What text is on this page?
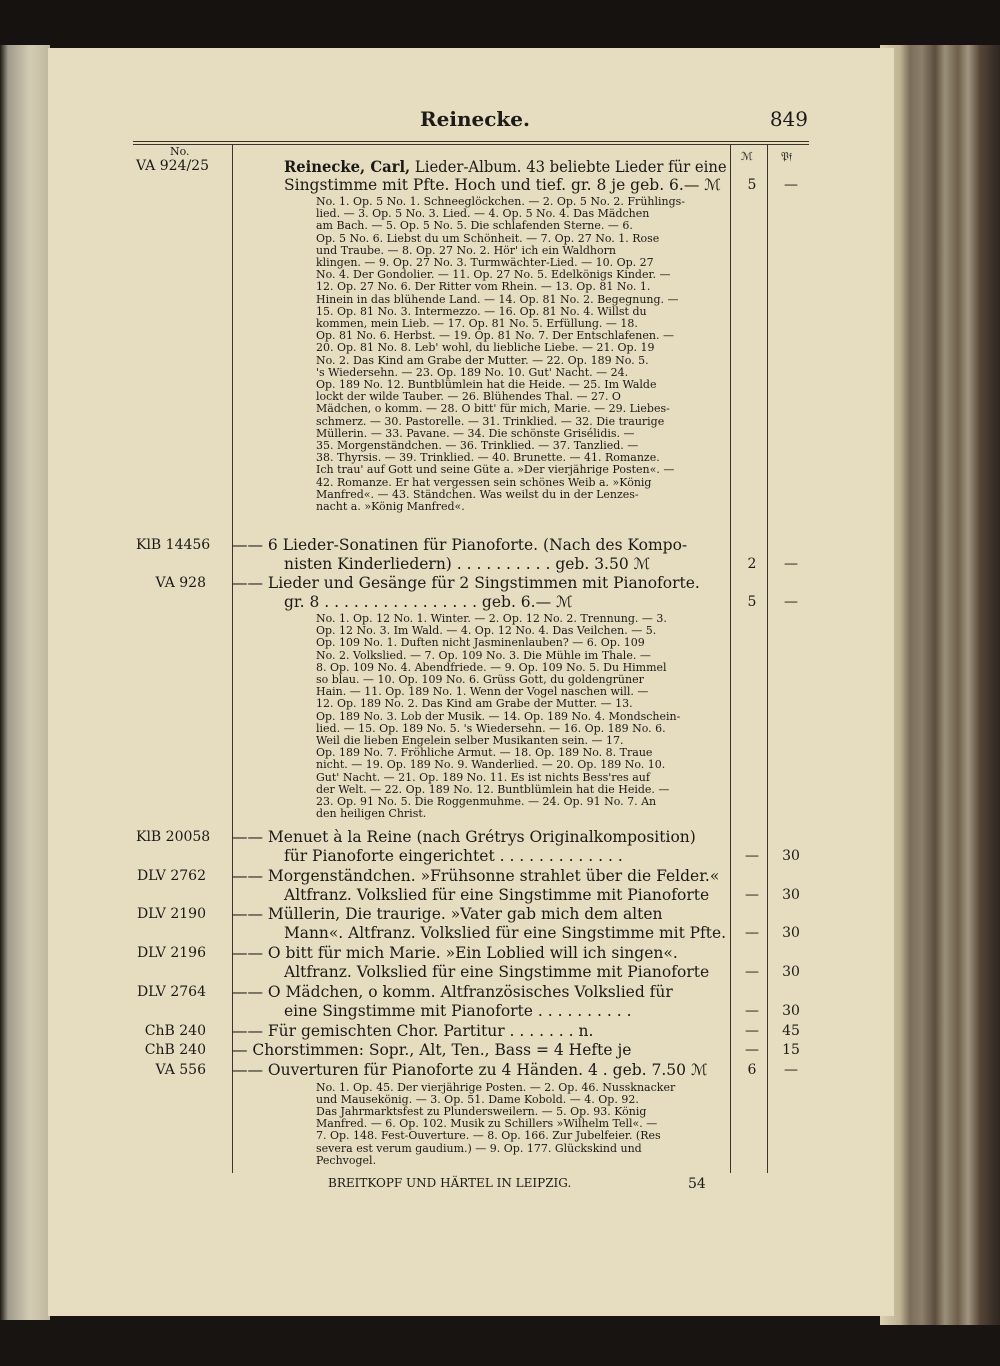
Reinecke.	849
No.	ℳ	𝔓𝔣
VA 924/25	Reinecke, Carl, Lieder-Album. 43 beliebte Lieder für eine
Singstimme mit Pfte. Hoch und tief. gr. 8 je geb. 6.— ℳ	5	—
No. 1. Op. 5 No. 1. Schneeglöckchen. — 2. Op. 5 No. 2. Frühlings-
lied. — 3. Op. 5 No. 3. Lied. — 4. Op. 5 No. 4. Das Mädchen
am Bach. — 5. Op. 5 No. 5. Die schlafenden Sterne. — 6.
Op. 5 No. 6. Liebst du um Schönheit. — 7. Op. 27 No. 1. Rose
und Traube. — 8. Op. 27 No. 2. Hör' ich ein Waldhorn
klingen. — 9. Op. 27 No. 3. Turmwächter-Lied. — 10. Op. 27
No. 4. Der Gondolier. — 11. Op. 27 No. 5. Edelkönigs Kinder. —
12. Op. 27 No. 6. Der Ritter vom Rhein. — 13. Op. 81 No. 1.
Hinein in das blühende Land. — 14. Op. 81 No. 2. Begegnung. —
15. Op. 81 No. 3. Intermezzo. — 16. Op. 81 No. 4. Willst du
kommen, mein Lieb. — 17. Op. 81 No. 5. Erfüllung. — 18.
Op. 81 No. 6. Herbst. — 19. Op. 81 No. 7. Der Entschlafenen. —
20. Op. 81 No. 8. Leb' wohl, du liebliche Liebe. — 21. Op. 19
No. 2. Das Kind am Grabe der Mutter. — 22. Op. 189 No. 5.
's Wiedersehn. — 23. Op. 189 No. 10. Gut' Nacht. — 24.
Op. 189 No. 12. Buntblümlein hat die Heide. — 25. Im Walde
lockt der wilde Tauber. — 26. Blühendes Thal. — 27. O
Mädchen, o komm. — 28. O bitt' für mich, Marie. — 29. Liebes-
schmerz. — 30. Pastorelle. — 31. Trinklied. — 32. Die traurige
Müllerin. — 33. Pavane. — 34. Die schönste Grisélidis. —
35. Morgenständchen. — 36. Trinklied. — 37. Tanzlied. —
38. Thyrsis. — 39. Trinklied. — 40. Brunette. — 41. Romanze.
Ich trau' auf Gott und seine Güte a. »Der vierjährige Posten«. —
42. Romanze. Er hat vergessen sein schönes Weib a. »König
Manfred«. — 43. Ständchen. Was weilst du in der Lenzes-
nacht a. »König Manfred«.
KlB 14456 —— 6 Lieder-Sonatinen für Pianoforte. (Nach des Kompo-
nisten Kinderliedern) . . . . . . . . . . geb. 3.50 ℳ	2	—
VA 928 —— Lieder und Gesänge für 2 Singstimmen mit Pianoforte.
gr. 8 . . . . . . . . . . . . . . . . geb. 6.— ℳ	5	—
No. 1. Op. 12 No. 1. Winter. — 2. Op. 12 No. 2. Trennung. — 3.
Op. 12 No. 3. Im Wald. — 4. Op. 12 No. 4. Das Veilchen. — 5.
Op. 109 No. 1. Duften nicht Jasminenlauben? — 6. Op. 109
No. 2. Volkslied. — 7. Op. 109 No. 3. Die Mühle im Thale. —
8. Op. 109 No. 4. Abendfriede. — 9. Op. 109 No. 5. Du Himmel
so blau. — 10. Op. 109 No. 6. Grüss Gott, du goldengrüner
Hain. — 11. Op. 189 No. 1. Wenn der Vogel naschen will. —
12. Op. 189 No. 2. Das Kind am Grabe der Mutter. — 13.
Op. 189 No. 3. Lob der Musik. — 14. Op. 189 No. 4. Mondschein-
lied. — 15. Op. 189 No. 5. 's Wiedersehn. — 16. Op. 189 No. 6.
Weil die lieben Engelein selber Musikanten sein. — 17.
Op. 189 No. 7. Fröhliche Armut. — 18. Op. 189 No. 8. Traue
nicht. — 19. Op. 189 No. 9. Wanderlied. — 20. Op. 189 No. 10.
Gut' Nacht. — 21. Op. 189 No. 11. Es ist nichts Bess'res auf
der Welt. — 22. Op. 189 No. 12. Buntblümlein hat die Heide. —
23. Op. 91 No. 5. Die Roggenmuhme. — 24. Op. 91 No. 7. An
den heiligen Christ.
KlB 20058 —— Menuet à la Reine (nach Grétrys Originalkomposition)
für Pianoforte eingerichtet . . . . . . . . . . . . .	—	30
DLV 2762 —— Morgenständchen. »Frühsonne strahlet über die Felder.«
Altfranz. Volkslied für eine Singstimme mit Pianoforte	—	30
DLV 2190 —— Müllerin, Die traurige. »Vater gab mich dem alten
Mann«. Altfranz. Volkslied für eine Singstimme mit Pfte.	—	30
DLV 2196 —— O bitt für mich Marie. »Ein Loblied will ich singen«.
Altfranz. Volkslied für eine Singstimme mit Pianoforte	—	30
DLV 2764 —— O Mädchen, o komm. Altfranzösisches Volkslied für
eine Singstimme mit Pianoforte . . . . . . . . . .	—	30
ChB 240 —— Für gemischten Chor. Partitur . . . . . . . n.	—	45
ChB 240 — Chorstimmen: Sopr., Alt, Ten., Bass = 4 Hefte je	—	15
VA 556 —— Ouverturen für Pianoforte zu 4 Händen. 4 . geb. 7.50 ℳ	6	—
No. 1. Op. 45. Der vierjährige Posten. — 2. Op. 46. Nussknacker
und Mausekönig. — 3. Op. 51. Dame Kobold. — 4. Op. 92.
Das Jahrmarktsfest zu Plundersweilern. — 5. Op. 93. König
Manfred. — 6. Op. 102. Musik zu Schillers »Wilhelm Tell«. —
7. Op. 148. Fest-Ouverture. — 8. Op. 166. Zur Jubelfeier. (Res
severa est verum gaudium.) — 9. Op. 177. Glückskind und
Pechvogel.
BREITKOPF UND HÄRTEL IN LEIPZIG.	54
